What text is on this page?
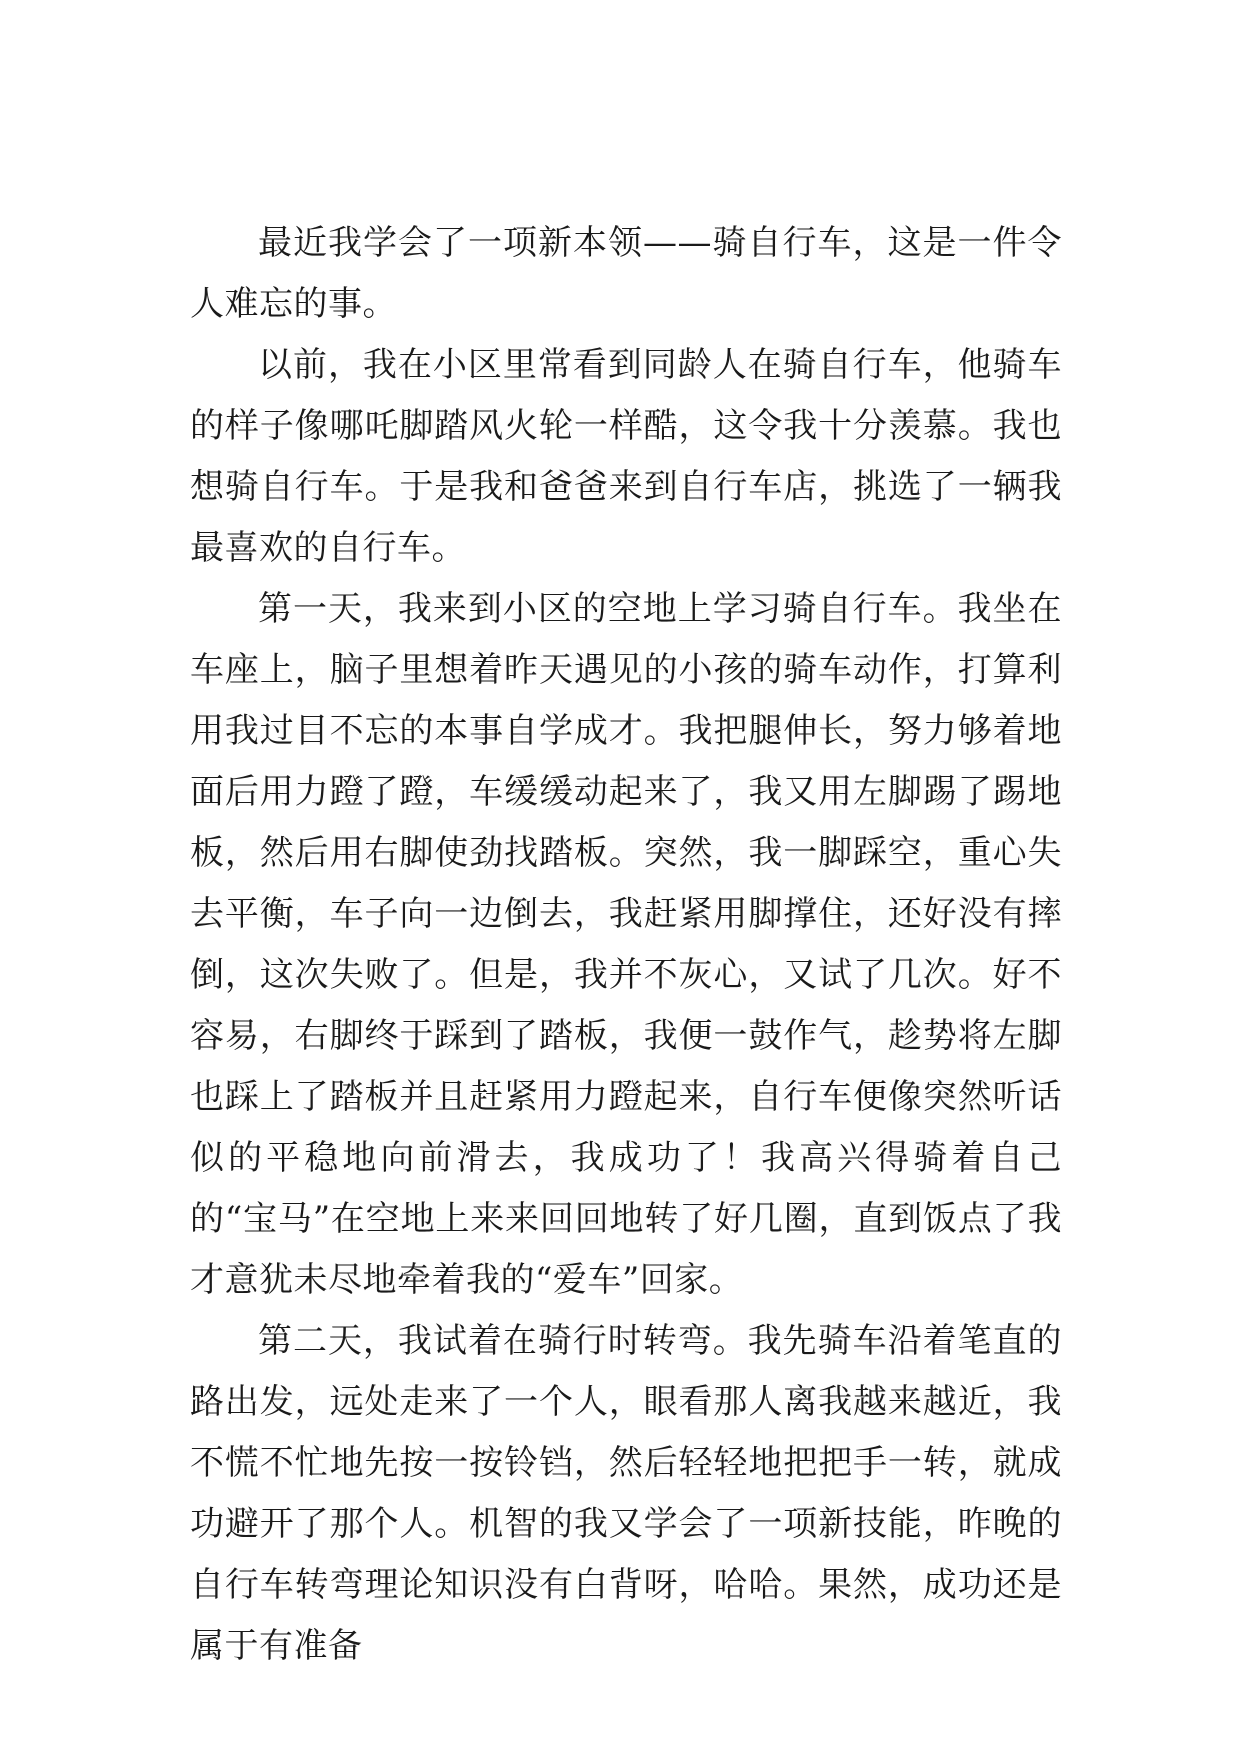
最近我学会了一项新本领——骑自行车，这是一件令人难忘的事。

以前，我在小区里常看到同龄人在骑自行车，他骑车的样子像哪吒脚踏风火轮一样酷，这令我十分羡慕。我也想骑自行车。于是我和爸爸来到自行车店，挑选了一辆我最喜欢的自行车。

第一天，我来到小区的空地上学习骑自行车。我坐在车座上，脑子里想着昨天遇见的小孩的骑车动作，打算利用我过目不忘的本事自学成才。我把腿伸长，努力够着地面后用力蹬了蹬，车缓缓动起来了，我又用左脚踢了踢地板，然后用右脚使劲找踏板。突然，我一脚踩空，重心失去平衡，车子向一边倒去，我赶紧用脚撑住，还好没有摔倒，这次失败了。但是，我并不灰心，又试了几次。好不容易，右脚终于踩到了踏板，我便一鼓作气，趁势将左脚也踩上了踏板并且赶紧用力蹬起来，自行车便像突然听话似的平稳地向前滑去，我成功了！我高兴得骑着自己的“宝马”在空地上来来回回地转了好几圈，直到饭点了我才意犹未尽地牵着我的“爱车”回家。

第二天，我试着在骑行时转弯。我先骑车沿着笔直的路出发，远处走来了一个人，眼看那人离我越来越近，我不慌不忙地先按一按铃铛，然后轻轻地把把手一转，就成功避开了那个人。机智的我又学会了一项新技能，昨晚的自行车转弯理论知识没有白背呀，哈哈。果然，成功还是属于有准备
